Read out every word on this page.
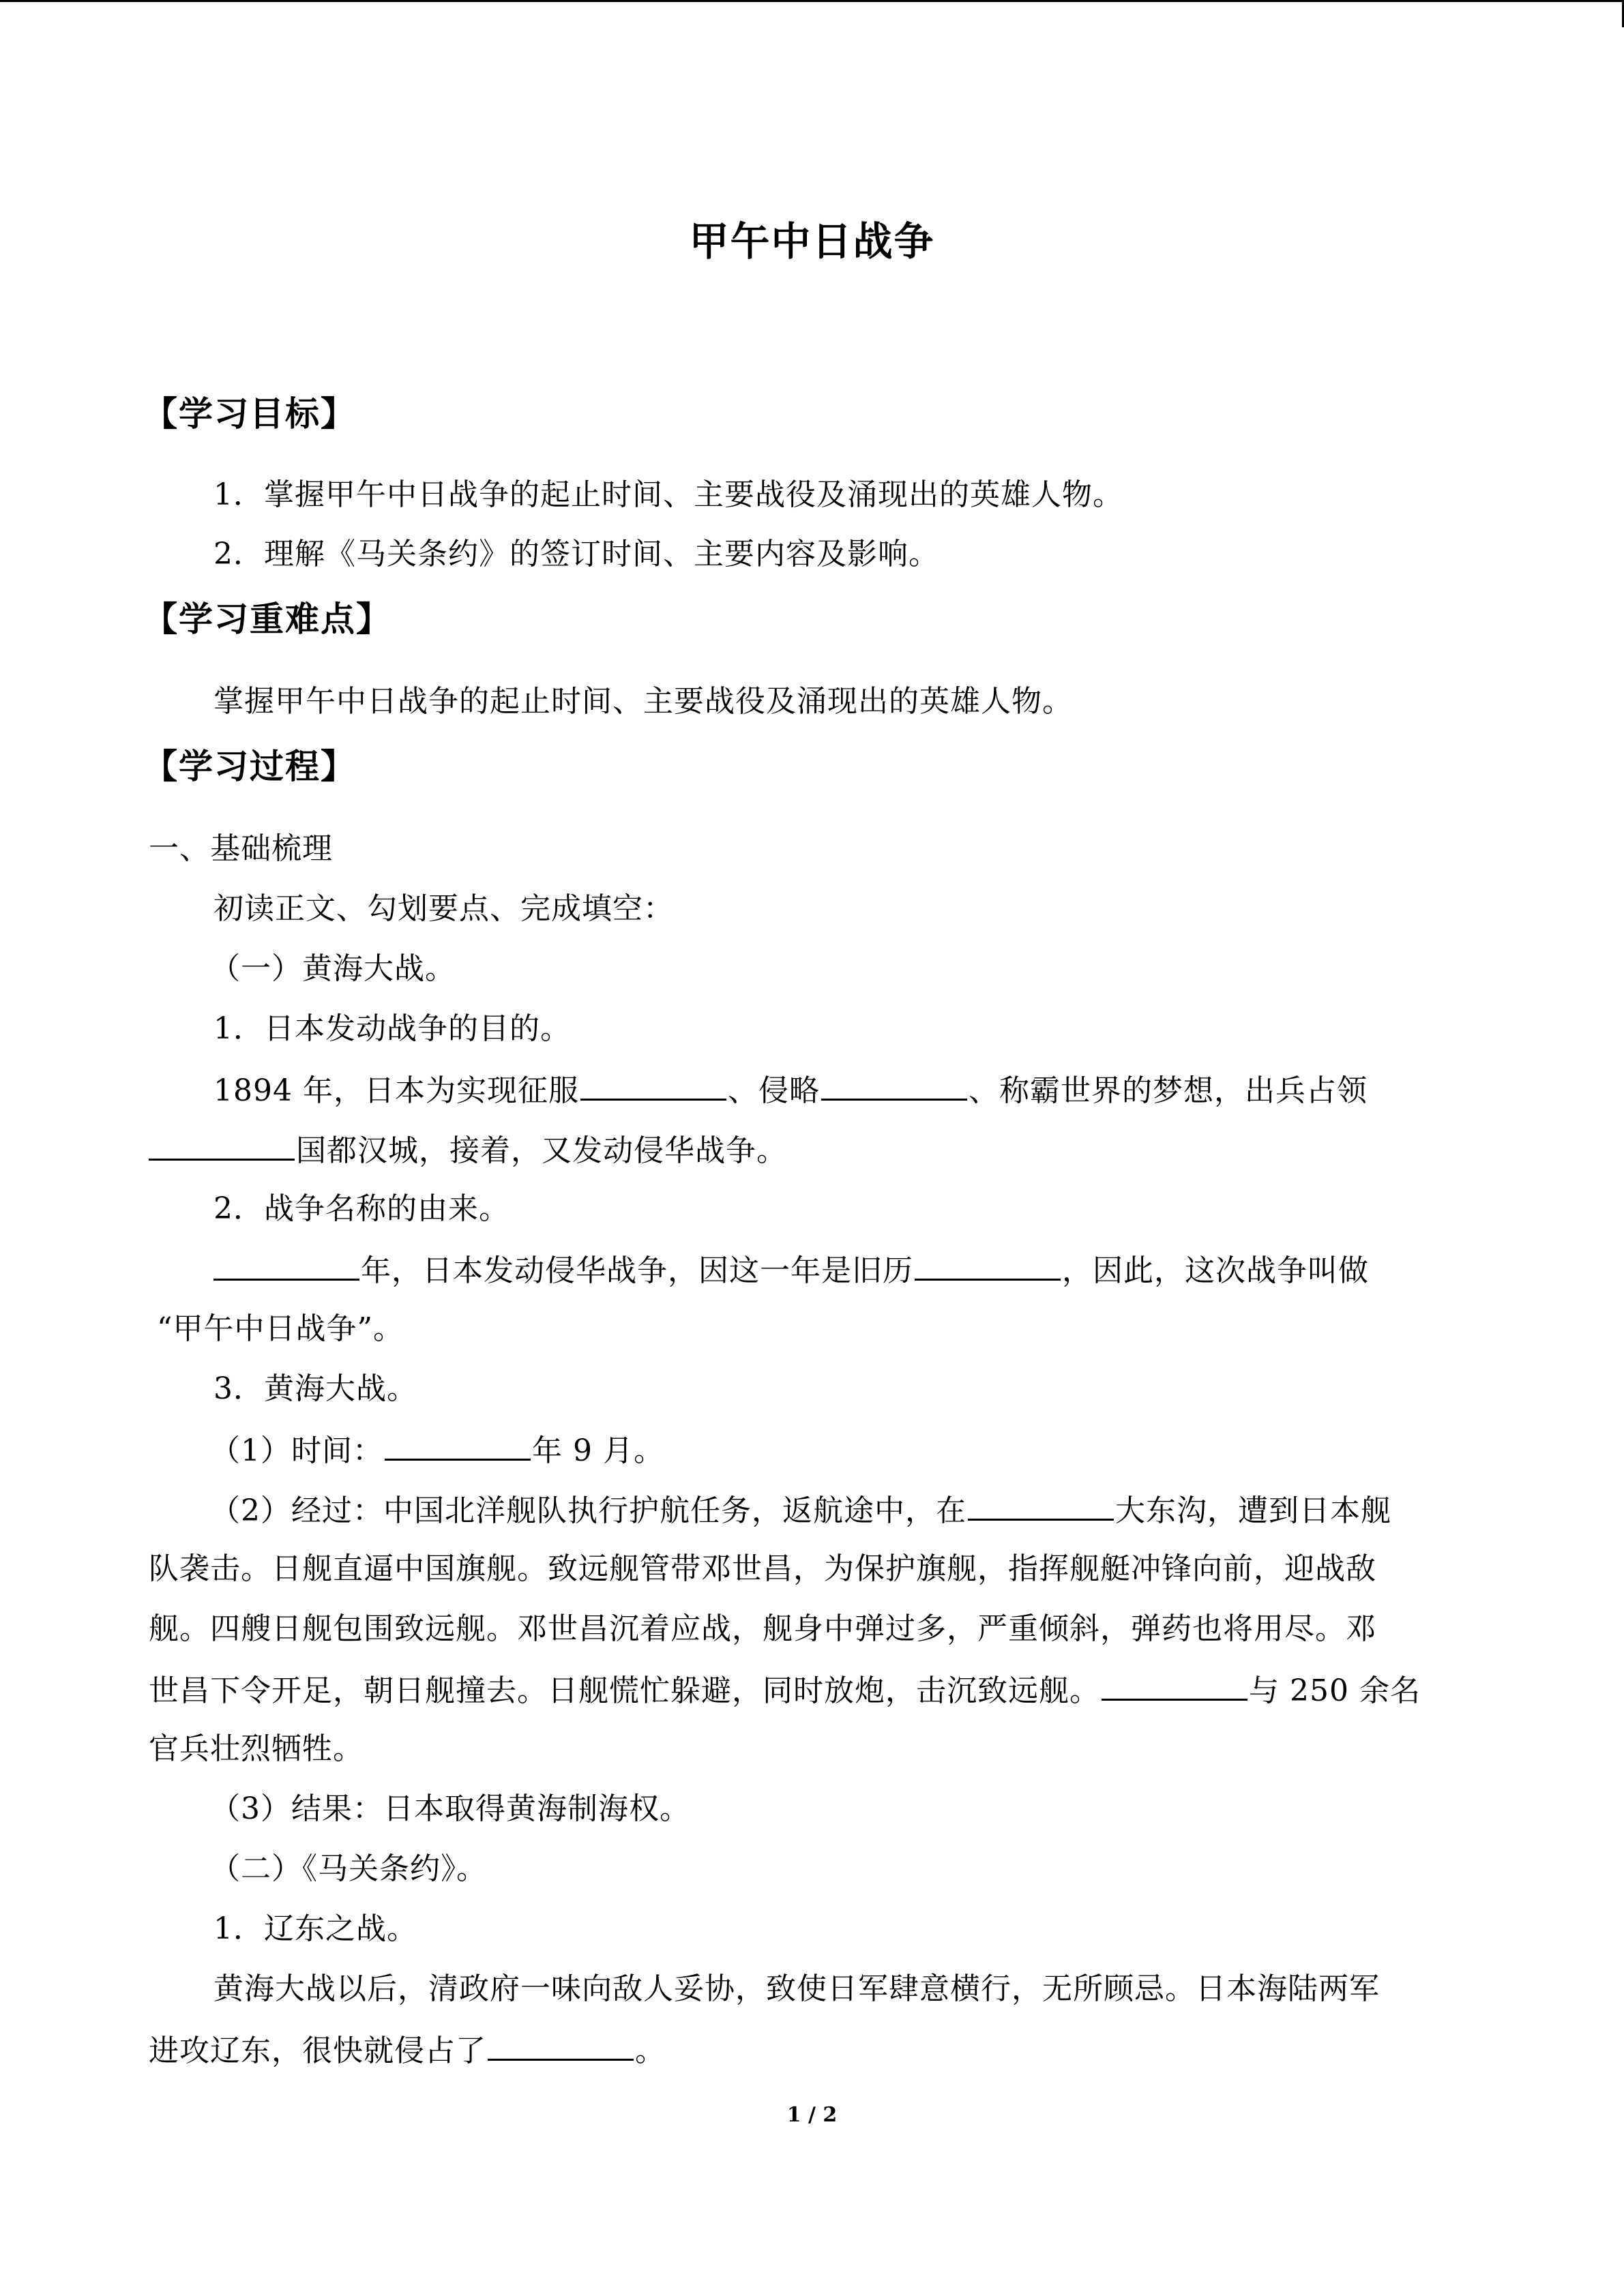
甲午中日战争
【学习目标】
1．掌握甲午中日战争的起止时间、主要战役及涌现出的英雄人物。
2．理解《马关条约》的签订时间、主要内容及影响。
【学习重难点】
掌握甲午中日战争的起止时间、主要战役及涌现出的英雄人物。
【学习过程】
一、基础梳理
初读正文、勾划要点、完成填空：
（一）黄海大战。
1．日本发动战争的目的。
1894 年，日本为实现征服	、侵略	、称霸世界的梦想，出兵占领
国都汉城，接着，又发动侵华战争。
2．战争名称的由来。
年，日本发动侵华战争，因这一年是旧历	，因此，这次战争叫做
“甲午中日战争”。
3．黄海大战。
（1）时间：	年 9 月。
（2）经过：中国北洋舰队执行护航任务，返航途中，在	大东沟，遭到日本舰
队袭击。日舰直逼中国旗舰。致远舰管带邓世昌，为保护旗舰，指挥舰艇冲锋向前，迎战敌
舰。四艘日舰包围致远舰。邓世昌沉着应战，舰身中弹过多，严重倾斜，弹药也将用尽。邓
世昌下令开足，朝日舰撞去。日舰慌忙躲避，同时放炮，击沉致远舰。	与 250 余名
官兵壮烈牺牲。
（3）结果：日本取得黄海制海权。
（二）《马关条约》。
1．辽东之战。
黄海大战以后，清政府一味向敌人妥协，致使日军肆意横行，无所顾忌。日本海陆两军
进攻辽东，很快就侵占了	。
1 / 2
